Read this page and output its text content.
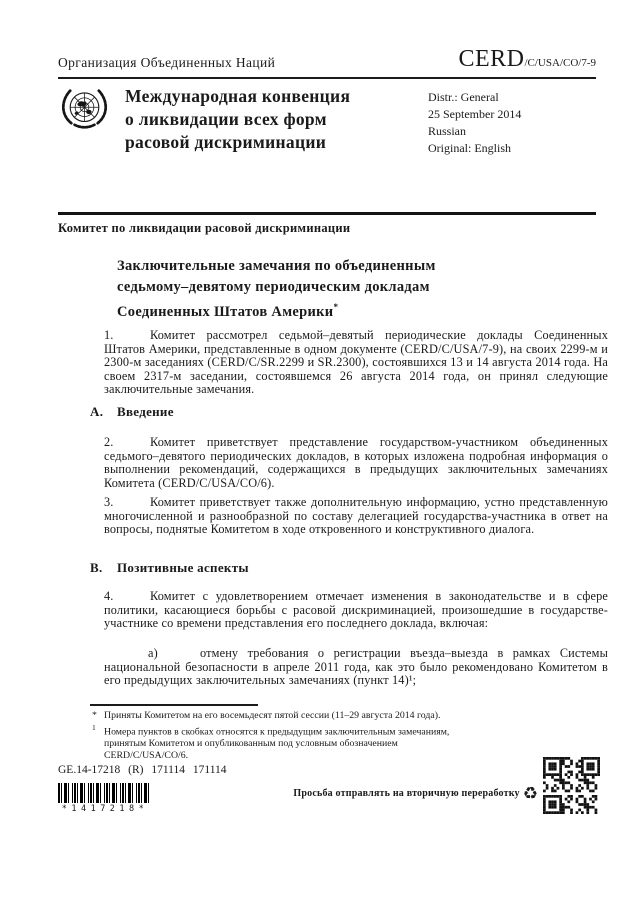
Организация Объединенных Наций	CERD/C/USA/CO/7-9
Международная конвенция
о ликвидации всех форм
расовой дискриминации
Distr.: General
25 September 2014
Russian
Original: English
Комитет по ликвидации расовой дискриминации
Заключительные замечания по объединенным
седьмому–девятому периодическим докладам
Соединенных Штатов Америки*
1.	Комитет рассмотрел седьмой–девятый периодические доклады Соединенных Штатов Америки, представленные в одном документе (CERD/C/USA/7-9), на своих 2299-м и 2300-м заседаниях (CERD/C/SR.2299 и SR.2300), состоявшихся 13 и 14 августа 2014 года. На своем 2317-м заседании, состоявшемся 26 августа 2014 года, он принял следующие заключительные замечания.
A. Введение
2.	Комитет приветствует представление государством-участником объединенных седьмого–девятого периодических докладов, в которых изложена подробная информация о выполнении рекомендаций, содержащихся в предыдущих заключительных замечаниях Комитета (CERD/C/USA/CO/6).
3.	Комитет приветствует также дополнительную информацию, устно представленную многочисленной и разнообразной по составу делегацией государства-участника в ответ на вопросы, поднятые Комитетом в ходе откровенного и конструктивного диалога.
B. Позитивные аспекты
4.	Комитет с удовлетворением отмечает изменения в законодательстве и в сфере политики, касающиеся борьбы с расовой дискриминацией, произошедшие в государстве-участнике со времени представления его последнего доклада, включая:
а)	отмену требования о регистрации въезда–выезда в рамках Системы национальной безопасности в апреле 2011 года, как это было рекомендовано Комитетом в его предыдущих заключительных замечаниях (пункт 14)¹;
* Приняты Комитетом на его восемьдесят пятой сессии (11–29 августа 2014 года).
1 Номера пунктов в скобках относятся к предыдущим заключительным замечаниям, принятым Комитетом и опубликованным под условным обозначением CERD/C/USA/CO/6.
GE.14-17218 (R) 171114 171114
*1417218*
Просьба отправлять на вторичную переработку ♻
